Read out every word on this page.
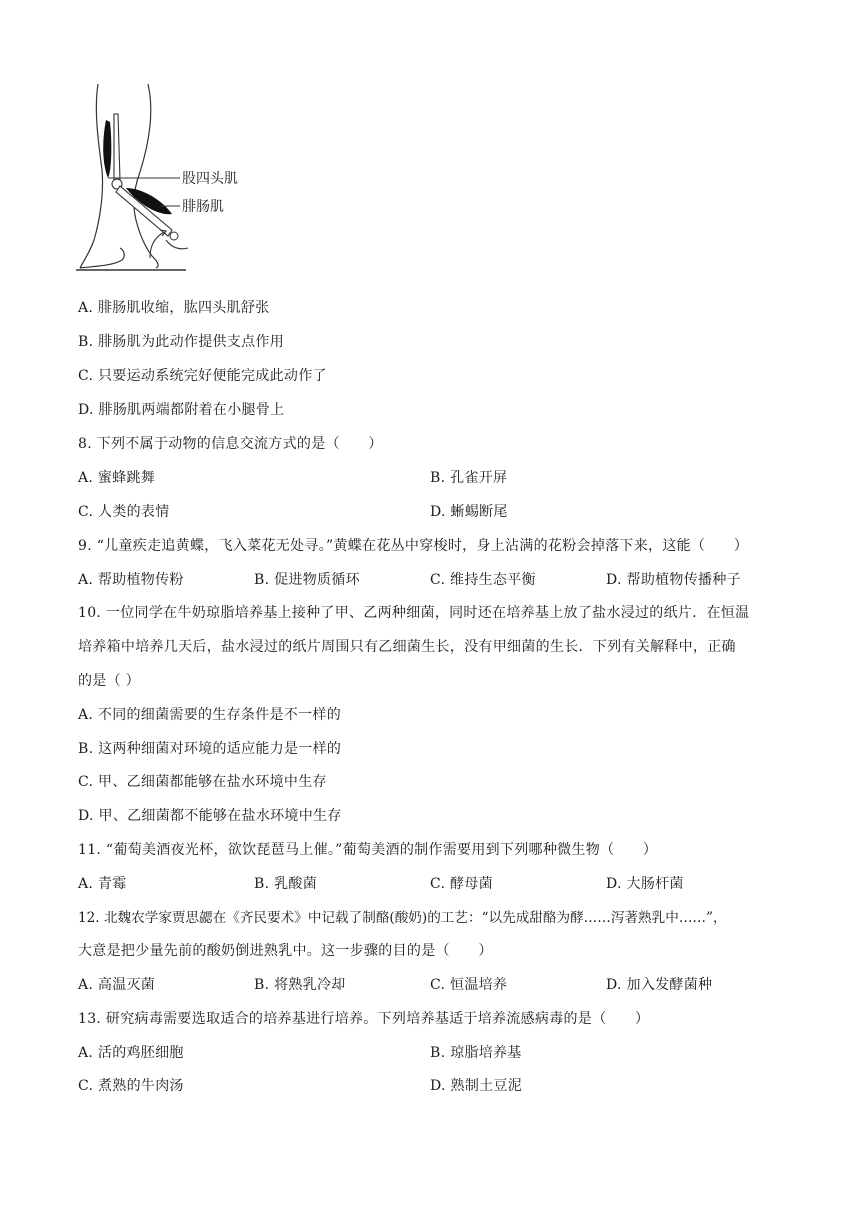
股四头肌
腓肠肌
A. 腓肠肌收缩，肱四头肌舒张
B. 腓肠肌为此动作提供支点作用
C. 只要运动系统完好便能完成此动作了
D. 腓肠肌两端都附着在小腿骨上
8. 下列不属于动物的信息交流方式的是（　　）
A. 蜜蜂跳舞	B. 孔雀开屏
C. 人类的表情	D. 蜥蜴断尾
9. “儿童疾走追黄蝶，飞入菜花无处寻。”黄蝶在花丛中穿梭时，身上沾满的花粉会掉落下来，这能（　　）
A. 帮助植物传粉	B. 促进物质循环	C. 维持生态平衡	D. 帮助植物传播种子
10. 一位同学在牛奶琼脂培养基上接种了甲、乙两种细菌，同时还在培养基上放了盐水浸过的纸片．在恒温
培养箱中培养几天后，盐水浸过的纸片周围只有乙细菌生长，没有甲细菌的生长．下列有关解释中，正确
的是（ ）
A. 不同的细菌需要的生存条件是不一样的
B. 这两种细菌对环境的适应能力是一样的
C. 甲、乙细菌都能够在盐水环境中生存
D. 甲、乙细菌都不能够在盐水环境中生存
11. “葡萄美酒夜光杯，欲饮琵琶马上催。”葡萄美酒的制作需要用到下列哪种微生物（　　）
A. 青霉	B. 乳酸菌	C. 酵母菌	D. 大肠杆菌
12. 北魏农学家贾思勰在《齐民要术》中记载了制酪(酸奶)的工艺：“以先成甜酪为酵……泻著熟乳中……”，
大意是把少量先前的酸奶倒进熟乳中。这一步骤的目的是（　　）
A. 高温灭菌	B. 将熟乳冷却	C. 恒温培养	D. 加入发酵菌种
13. 研究病毒需要选取适合的培养基进行培养。下列培养基适于培养流感病毒的是（　　）
A. 活的鸡胚细胞	B. 琼脂培养基
C. 煮熟的牛肉汤	D. 熟制土豆泥
